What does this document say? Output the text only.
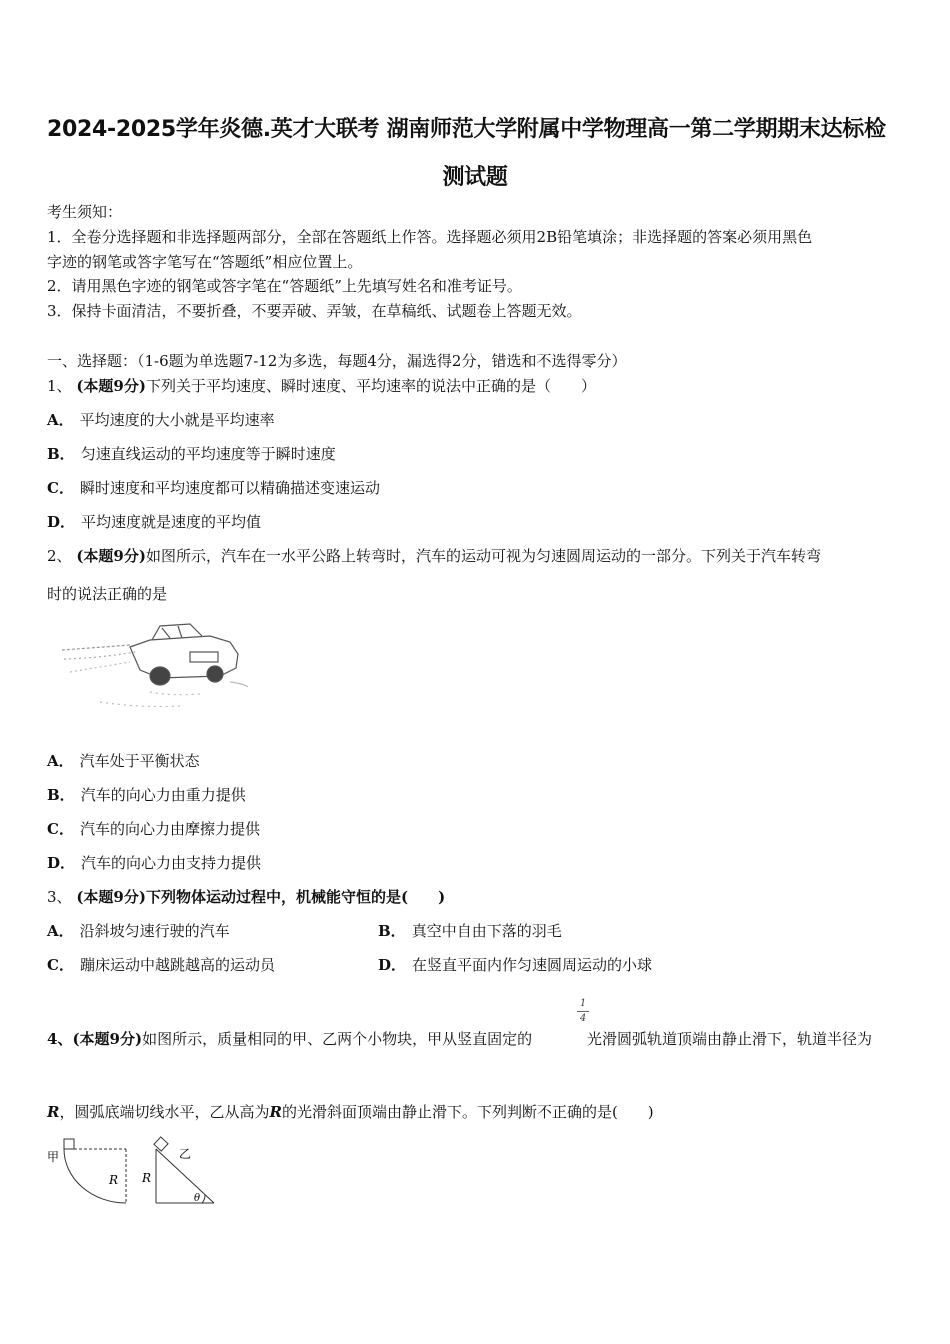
2024-2025学年炎德.英才大联考 湖南师范大学附属中学物理高一第二学期期末达标检
测试题
考生须知：
1．全卷分选择题和非选择题两部分，全部在答题纸上作答。选择题必须用2B铅笔填涂；非选择题的答案必须用黑色
字迹的钢笔或答字笔写在“答题纸”相应位置上。
2．请用黑色字迹的钢笔或答字笔在“答题纸”上先填写姓名和准考证号。
3．保持卡面清洁，不要折叠，不要弄破、弄皱，在草稿纸、试题卷上答题无效。
一、选择题：（1-6题为单选题7-12为多选，每题4分，漏选得2分，错选和不选得零分）
1、 (本题9分)下列关于平均速度、瞬时速度、平均速率的说法中正确的是（　　）
A． 平均速度的大小就是平均速率
B． 匀速直线运动的平均速度等于瞬时速度
C． 瞬时速度和平均速度都可以精确描述变速运动
D． 平均速度就是速度的平均值
2、 (本题9分)如图所示，汽车在一水平公路上转弯时，汽车的运动可视为匀速圆周运动的一部分。下列关于汽车转弯
时的说法正确的是
A． 汽车处于平衡状态
B． 汽车的向心力由重力提供
C． 汽车的向心力由摩擦力提供
D． 汽车的向心力由支持力提供
3、 (本题9分)下列物体运动过程中，机械能守恒的是(　　)
A． 沿斜坡匀速行驶的汽车	B． 真空中自由下落的羽毛
C． 蹦床运动中越跳越高的运动员	D． 在竖直平面内作匀速圆周运动的小球
1
4
4、(本题9分)如图所示，质量相同的甲、乙两个小物块，甲从竖直固定的	光滑圆弧轨道顶端由静止滑下，轨道半径为
R，圆弧底端切线水平，乙从高为R的光滑斜面顶端由静止滑下。下列判断不正确的是(　　)
甲
R R
乙
θ
